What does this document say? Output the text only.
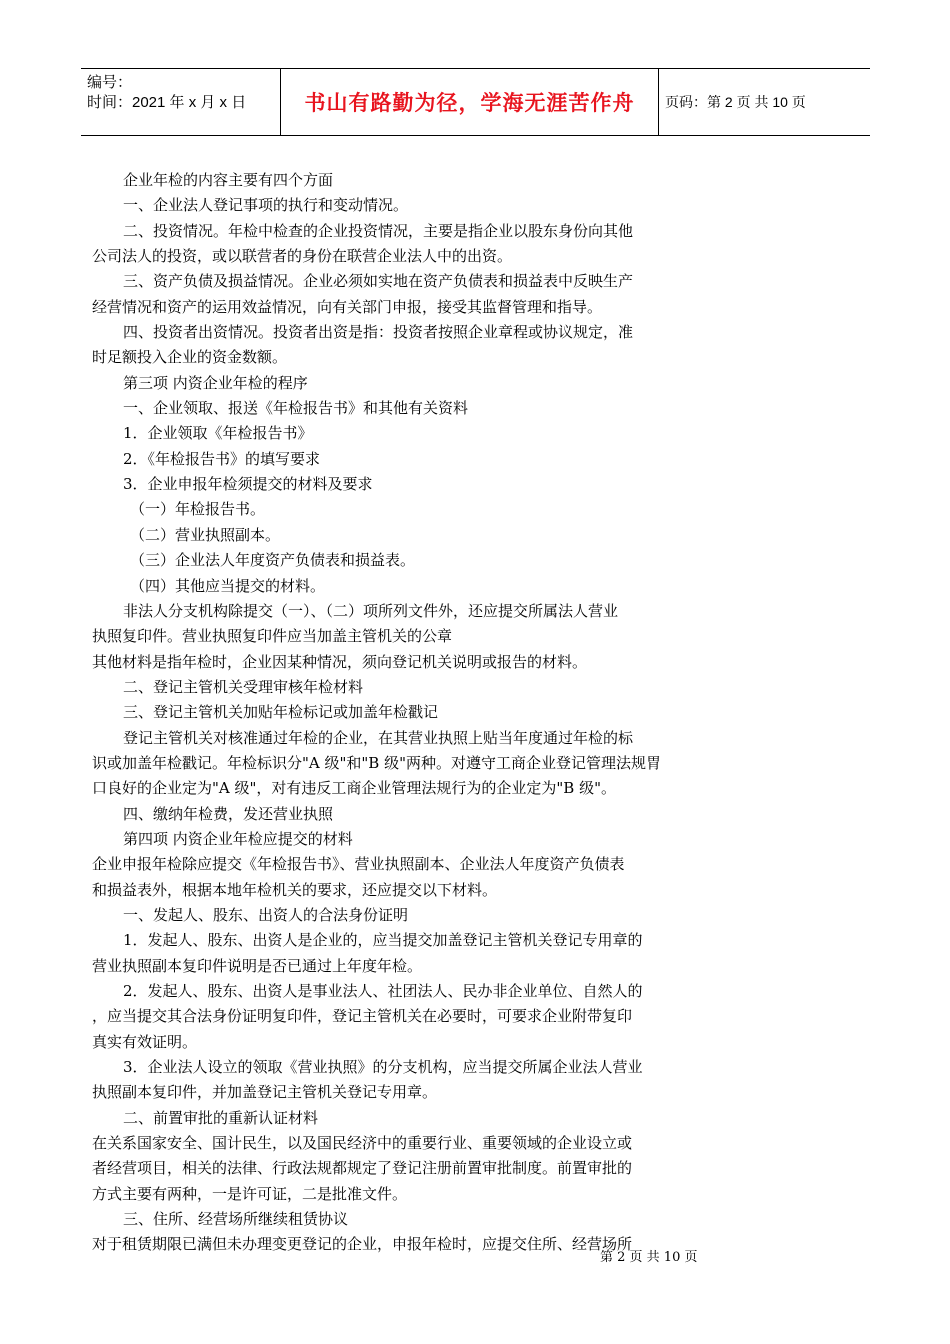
编号：
时间：2021 年 x 月 x 日	书山有路勤为径，学海无涯苦作舟 页码：第 2 页 共 10 页
企业年检的内容主要有四个方面
一、企业法人登记事项的执行和变动情况。
二、投资情况。年检中检查的企业投资情况，主要是指企业以股东身份向其他
公司法人的投资，或以联营者的身份在联营企业法人中的出资。
三、资产负债及损益情况。企业必须如实地在资产负债表和损益表中反映生产
经营情况和资产的运用效益情况，向有关部门申报，接受其监督管理和指导。
四、投资者出资情况。投资者出资是指：投资者按照企业章程或协议规定，准
时足额投入企业的资金数额。
第三项 内资企业年检的程序
一、企业领取、报送《年检报告书》和其他有关资料
1．企业领取《年检报告书》
2．《年检报告书》的填写要求
3．企业申报年检须提交的材料及要求
（一）年检报告书。
（二）营业执照副本。
（三）企业法人年度资产负债表和损益表。
（四）其他应当提交的材料。
非法人分支机构除提交（一）、（二）项所列文件外，还应提交所属法人营业
执照复印件。营业执照复印件应当加盖主管机关的公章
其他材料是指年检时，企业因某种情况，须向登记机关说明或报告的材料。
二、登记主管机关受理审核年检材料
三、登记主管机关加贴年检标记或加盖年检戳记
登记主管机关对核准通过年检的企业，在其营业执照上贴当年度通过年检的标
识或加盖年检戳记。年检标识分"A 级"和"B 级"两种。对遵守工商企业登记管理法规胃
口良好的企业定为"A 级"，对有违反工商企业管理法规行为的企业定为"B 级"。
四、缴纳年检费，发还营业执照
第四项 内资企业年检应提交的材料
企业申报年检除应提交《年检报告书》、营业执照副本、企业法人年度资产负债表
和损益表外，根据本地年检机关的要求，还应提交以下材料。
一、发起人、股东、出资人的合法身份证明
1．发起人、股东、出资人是企业的，应当提交加盖登记主管机关登记专用章的
营业执照副本复印件说明是否已通过上年度年检。
2．发起人、股东、出资人是事业法人、社团法人、民办非企业单位、自然人的
，应当提交其合法身份证明复印件，登记主管机关在必要时，可要求企业附带复印
真实有效证明。
3．企业法人设立的领取《营业执照》的分支机构，应当提交所属企业法人营业
执照副本复印件，并加盖登记主管机关登记专用章。
二、前置审批的重新认证材料
在关系国家安全、国计民生，以及国民经济中的重要行业、重要领域的企业设立或
者经营项目，相关的法律、行政法规都规定了登记注册前置审批制度。前置审批的
方式主要有两种，一是许可证，二是批准文件。
三、住所、经营场所继续租赁协议
对于租赁期限已满但未办理变更登记的企业，申报年检时，应提交住所、经营场所
第 2 页 共 10 页
